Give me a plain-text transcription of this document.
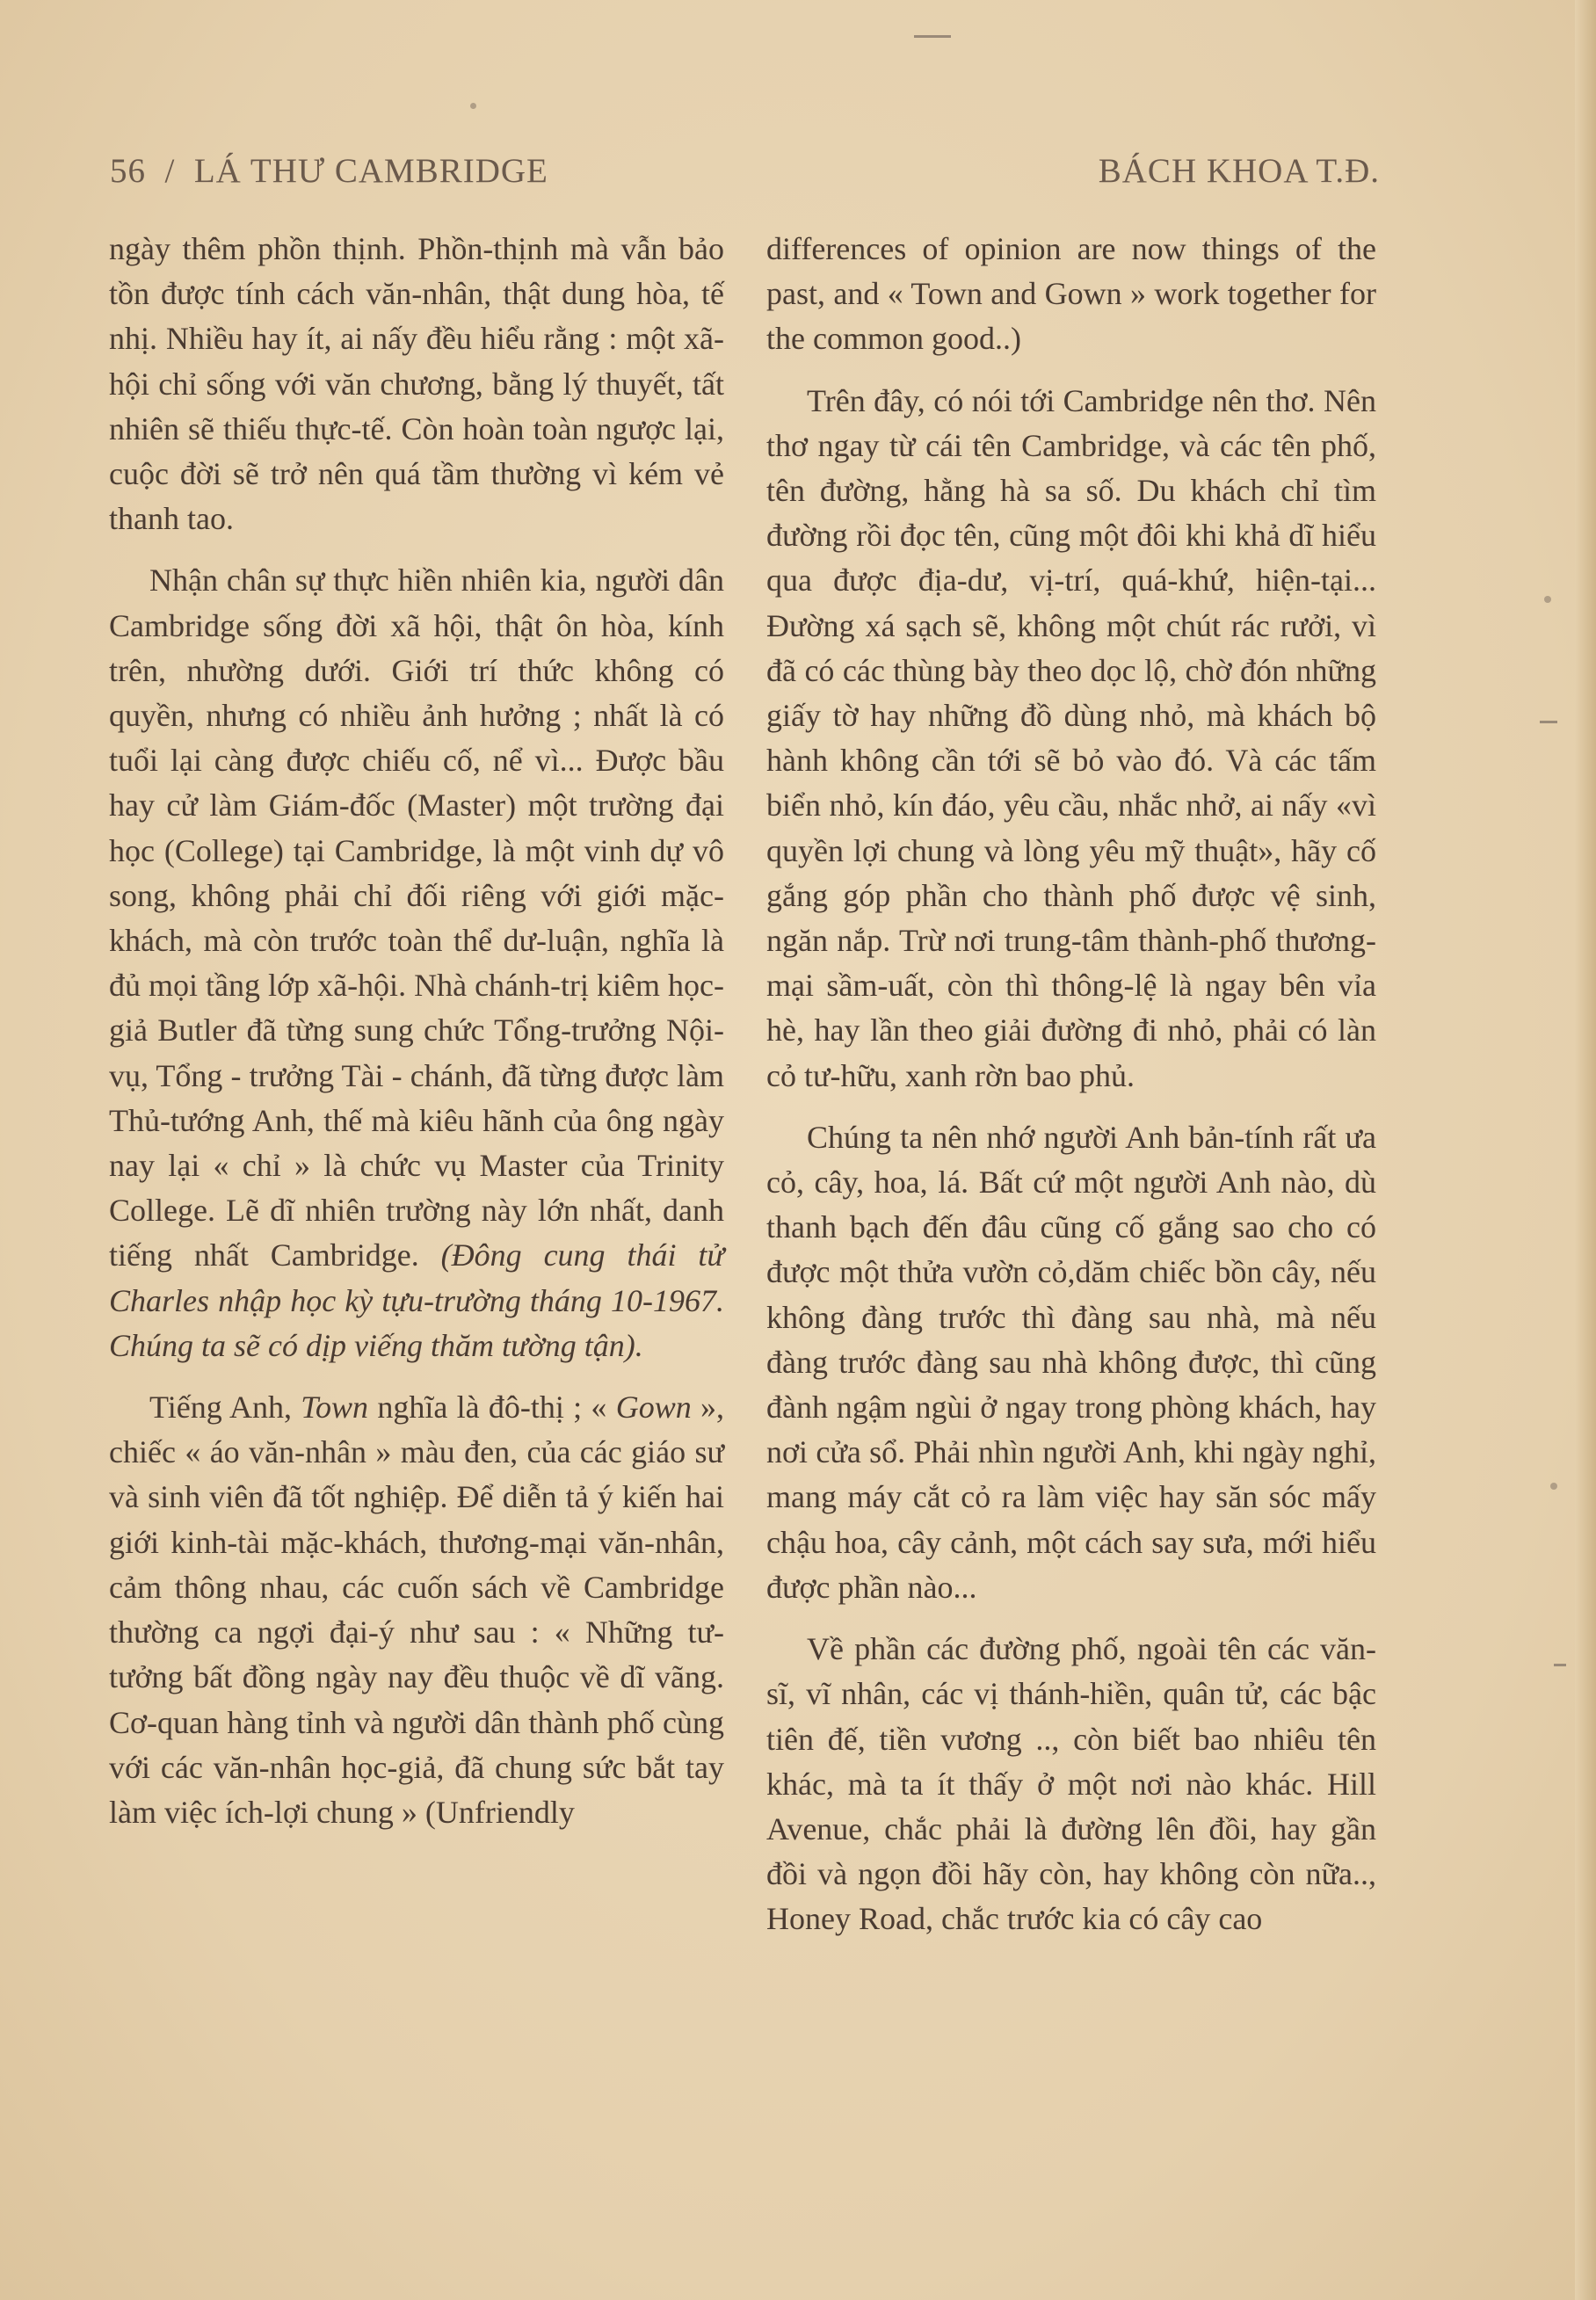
56  /  LÁ THƯ CAMBRIDGE	BÁCH KHOA T.Đ.

ngày thêm phồn thịnh. Phồn-thịnh mà vẫn bảo tồn được tính cách văn-nhân, thật dung hòa, tế nhị. Nhiều hay ít, ai nấy đều hiểu rằng : một xã-hội chỉ sống với văn chương, bằng lý thuyết, tất nhiên sẽ thiếu thực-tế. Còn hoàn toàn ngược lại, cuộc đời sẽ trở nên quá tầm thường vì kém vẻ thanh tao.

Nhận chân sự thực hiền nhiên kia, người dân Cambridge sống đời xã hội, thật ôn hòa, kính trên, nhường dưới. Giới trí thức không có quyền, nhưng có nhiều ảnh hưởng ; nhất là có tuổi lại càng được chiếu cố, nể vì... Được bầu hay cử làm Giám-đốc (Master) một trường đại học (College) tại Cambridge, là một vinh dự vô song, không phải chỉ đối riêng với giới mặc-khách, mà còn trước toàn thể dư-luận, nghĩa là đủ mọi tầng lớp xã-hội. Nhà chánh-trị kiêm học-giả Butler đã từng sung chức Tổng-trưởng Nội-vụ, Tổng - trưởng Tài - chánh, đã từng được làm Thủ-tướng Anh, thế mà kiêu hãnh của ông ngày nay lại « chỉ » là chức vụ Master của Trinity College. Lẽ dĩ nhiên trường này lớn nhất, danh tiếng nhất Cambridge. (Đông cung thái tử Charles nhập học kỳ tựu-trường tháng 10-1967. Chúng ta sẽ có dịp viếng thăm tường tận).

Tiếng Anh, Town nghĩa là đô-thị ; « Gown », chiếc « áo văn-nhân » màu đen, của các giáo sư và sinh viên đã tốt nghiệp. Để diễn tả ý kiến hai giới kinh-tài mặc-khách, thương-mại văn-nhân, cảm thông nhau, các cuốn sách về Cambridge thường ca ngợi đại-ý như sau : « Những tư-tưởng bất đồng ngày nay đều thuộc về dĩ vãng. Cơ-quan hàng tỉnh và người dân thành phố cùng với các văn-nhân học-giả, đã chung sức bắt tay làm việc ích-lợi chung » (Unfriendly

differences of opinion are now things of the past, and « Town and Gown » work together for the common good..)

Trên đây, có nói tới Cambridge nên thơ. Nên thơ ngay từ cái tên Cambridge, và các tên phố, tên đường, hằng hà sa số. Du khách chỉ tìm đường rồi đọc tên, cũng một đôi khi khả dĩ hiểu qua được địa-dư, vị-trí, quá-khứ, hiện-tại... Đường xá sạch sẽ, không một chút rác rưởi, vì đã có các thùng bày theo dọc lộ, chờ đón những giấy tờ hay những đồ dùng nhỏ, mà khách bộ hành không cần tới sẽ bỏ vào đó. Và các tấm biển nhỏ, kín đáo, yêu cầu, nhắc nhở, ai nấy «vì quyền lợi chung và lòng yêu mỹ thuật», hãy cố gắng góp phần cho thành phố được vệ sinh, ngăn nắp. Trừ nơi trung-tâm thành-phố thương-mại sầm-uất, còn thì thông-lệ là ngay bên vỉa hè, hay lần theo giải đường đi nhỏ, phải có làn cỏ tư-hữu, xanh rờn bao phủ.

Chúng ta nên nhớ người Anh bản-tính rất ưa cỏ, cây, hoa, lá. Bất cứ một người Anh nào, dù thanh bạch đến đâu cũng cố gắng sao cho có được một thửa vườn cỏ,dăm chiếc bồn cây, nếu không đàng trước thì đàng sau nhà, mà nếu đàng trước đàng sau nhà không được, thì cũng đành ngậm ngùi ở ngay trong phòng khách, hay nơi cửa sổ. Phải nhìn người Anh, khi ngày nghỉ, mang máy cắt cỏ ra làm việc hay săn sóc mấy chậu hoa, cây cảnh, một cách say sưa, mới hiểu được phần nào...

Về phần các đường phố, ngoài tên các văn-sĩ, vĩ nhân, các vị thánh-hiền, quân tử, các bậc tiên đế, tiền vương .., còn biết bao nhiêu tên khác, mà ta ít thấy ở một nơi nào khác. Hill Avenue, chắc phải là đường lên đồi, hay gần đồi và ngọn đồi hãy còn, hay không còn nữa.., Honey Road, chắc trước kia có cây cao
